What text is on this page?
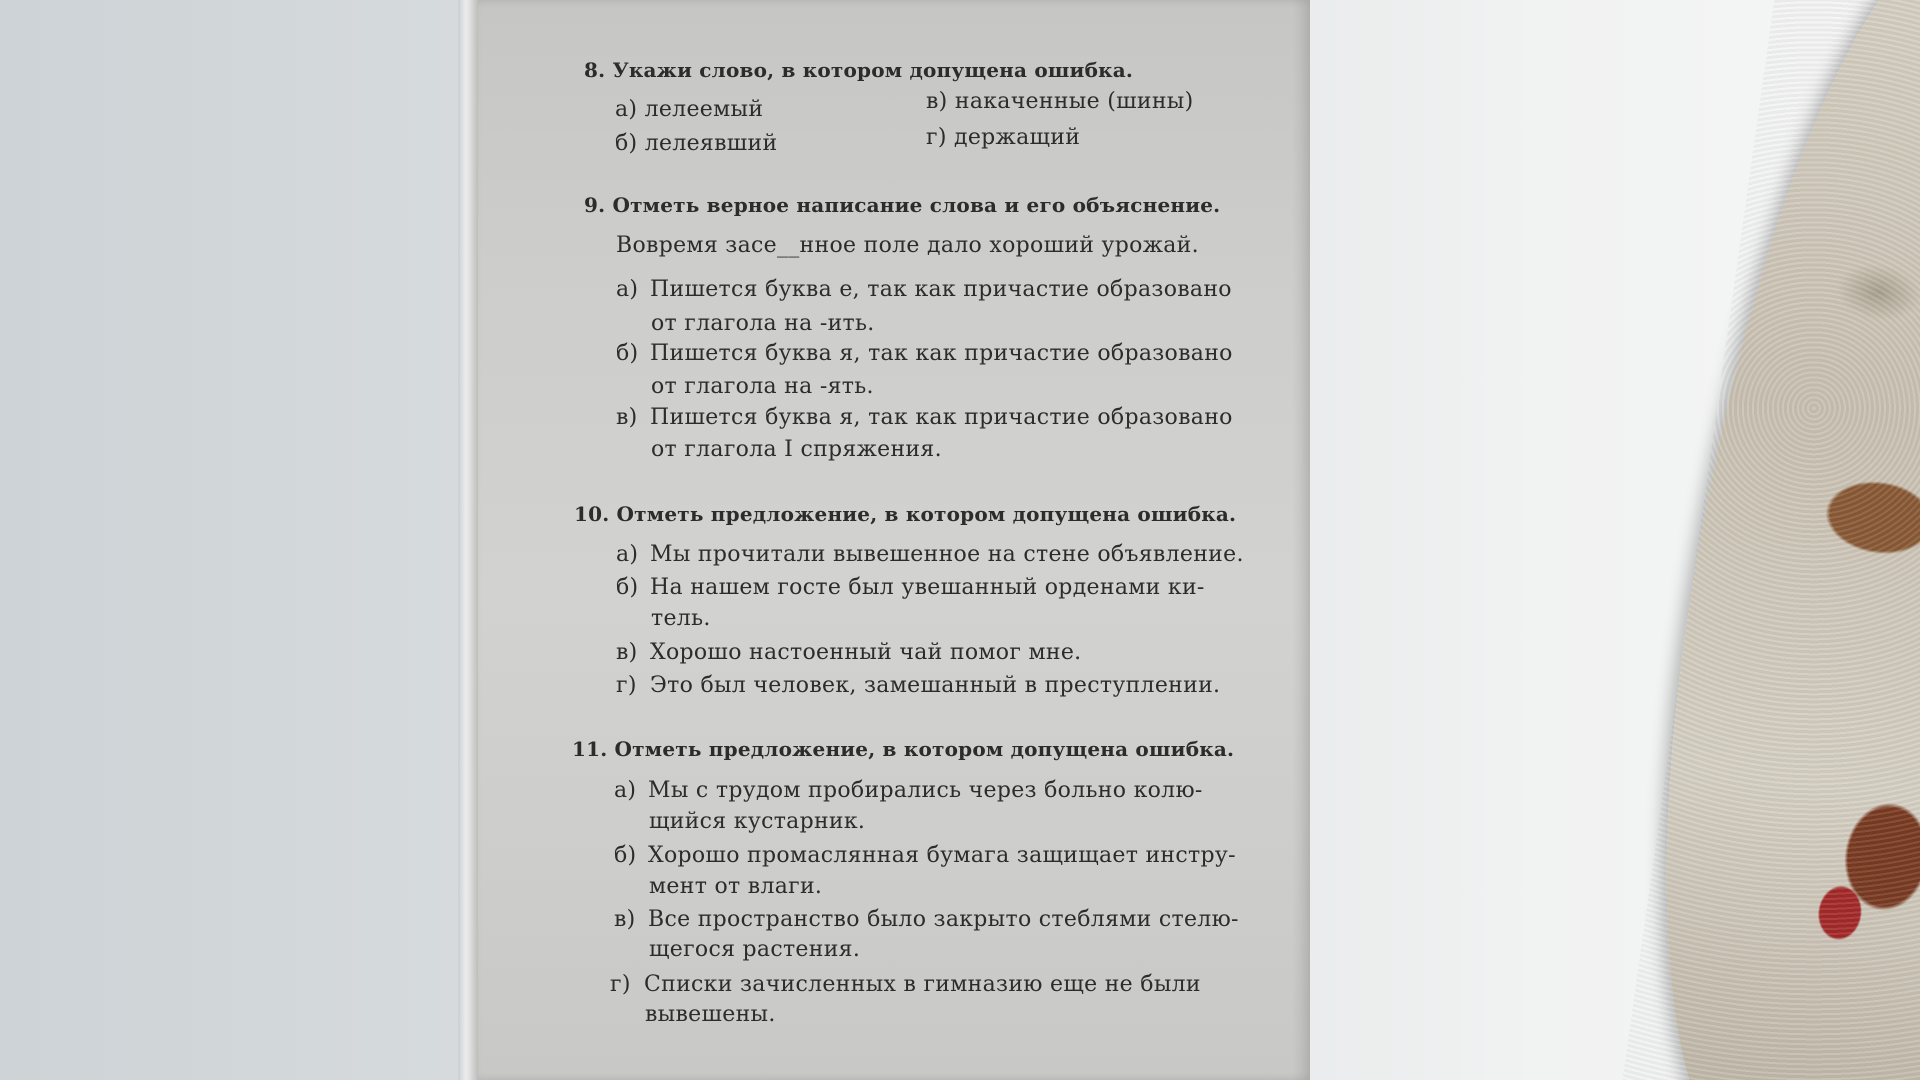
8. Укажи слово, в котором допущена ошибка.
а) лелеемый	в) накаченные (шины)
б) лелеявший	г) держащий
9. Отметь верное написание слова и его объяснение.
Вовремя засе__нное поле дало хороший урожай.
а) Пишется буква е, так как причастие образовано
от глагола на -ить.
б) Пишется буква я, так как причастие образовано
от глагола на -ять.
в) Пишется буква я, так как причастие образовано
от глагола I спряжения.
10. Отметь предложение, в котором допущена ошибка.
а) Мы прочитали вывешенное на стене объявление.
б) На нашем госте был увешанный орденами ки-
тель.
в) Хорошо настоенный чай помог мне.
г) Это был человек, замешанный в преступлении.
11. Отметь предложение, в котором допущена ошибка.
а) Мы с трудом пробирались через больно колю-
щийся кустарник.
б) Хорошо промаслянная бумага защищает инстру-
мент от влаги.
в) Все пространство было закрыто стеблями стелю-
щегося растения.
г) Списки зачисленных в гимназию еще не были
вывешены.
